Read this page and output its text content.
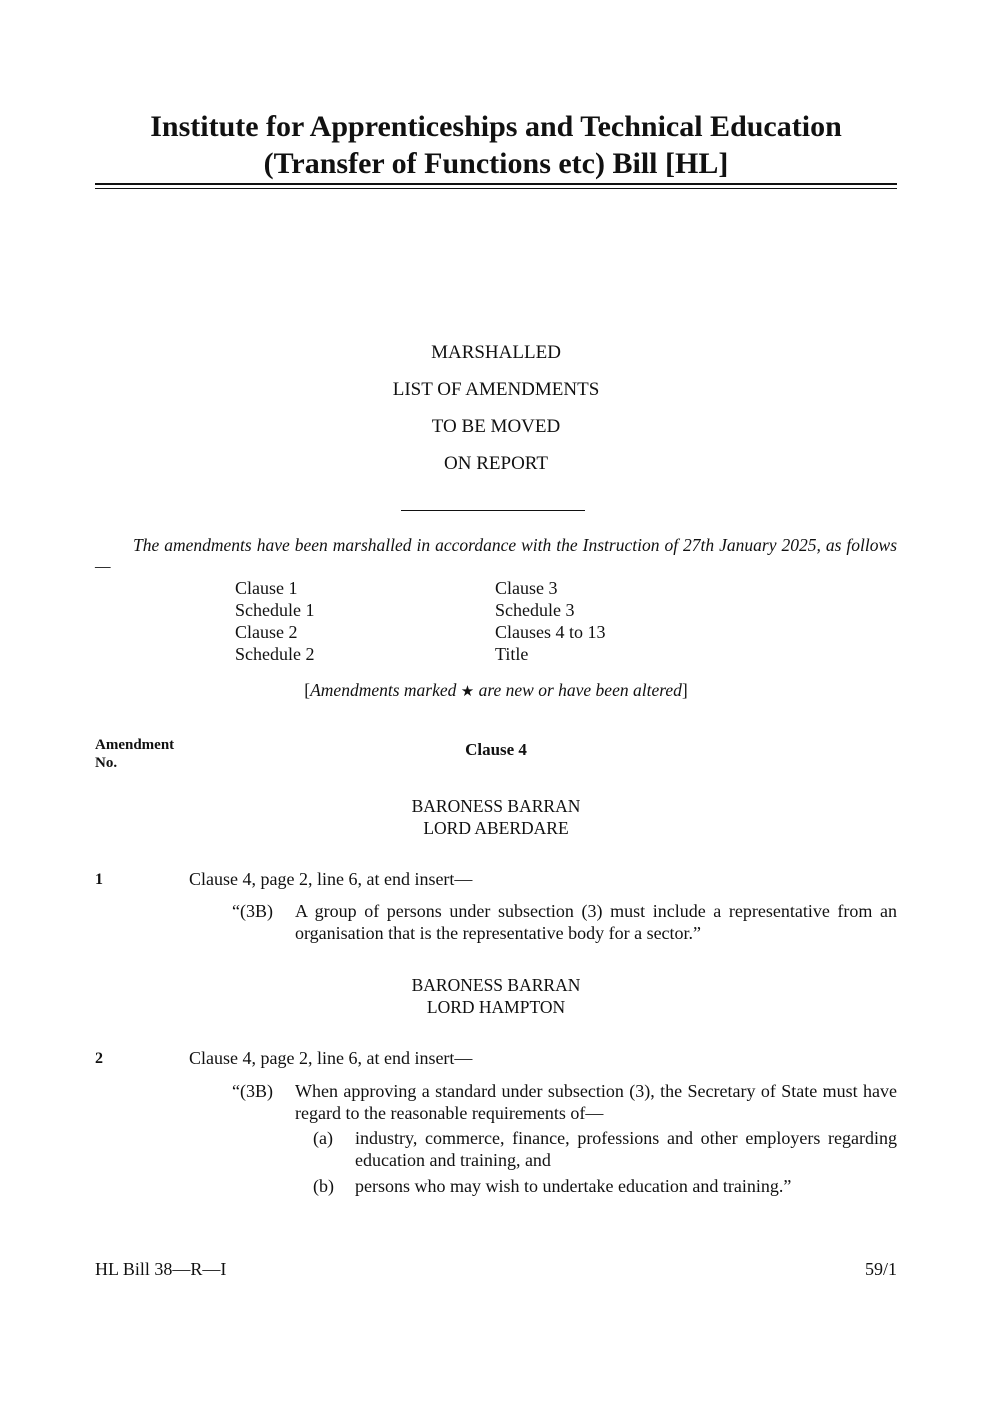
Institute for Apprenticeships and Technical Education
(Transfer of Functions etc) Bill [HL]
MARSHALLED
LIST OF AMENDMENTS
TO BE MOVED
ON REPORT
The amendments have been marshalled in accordance with the Instruction of 27th January 2025, as follows—
Clause 1
Schedule 1
Clause 2
Schedule 2
Clause 3
Schedule 3
Clauses 4 to 13
Title
[Amendments marked ★ are new or have been altered]
Amendment
No.
Clause 4
BARONESS BARRAN
LORD ABERDARE
1	Clause 4, page 2, line 6, at end insert—
“(3B) A group of persons under subsection (3) must include a representative from an organisation that is the representative body for a sector.”
BARONESS BARRAN
LORD HAMPTON
2	Clause 4, page 2, line 6, at end insert—
“(3B) When approving a standard under subsection (3), the Secretary of State must have regard to the reasonable requirements of—
(a) industry, commerce, finance, professions and other employers regarding education and training, and
(b) persons who may wish to undertake education and training.”
HL Bill 38—R—I	59/1
